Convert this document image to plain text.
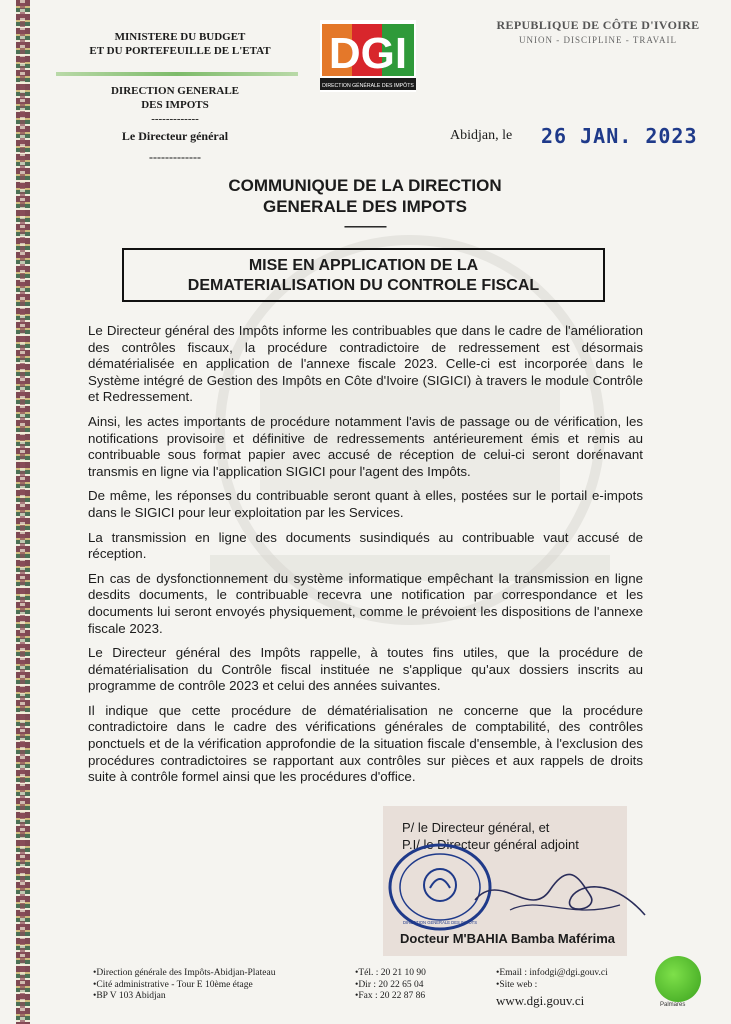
MINISTERE DU BUDGET
ET DU PORTEFEUILLE DE L'ETAT
DIRECTION GENERALE
DES IMPOTS
-------------
Le Directeur général
-------------
DGI
DIRECTION GÉNÉRALE DES IMPÔTS
REPUBLIQUE DE CÔTE D'IVOIRE
UNION - DISCIPLINE - TRAVAIL
Abidjan, le 26 JAN. 2023
COMMUNIQUE DE LA DIRECTION
GENERALE DES IMPOTS
--------------
MISE EN APPLICATION DE LA
DEMATERIALISATION DU CONTROLE FISCAL

Le Directeur général des Impôts informe les contribuables que dans le cadre de l'amélioration des contrôles fiscaux, la procédure contradictoire de redressement est désormais dématérialisée en application de l'annexe fiscale 2023. Celle-ci est incorporée dans le Système intégré de Gestion des Impôts en Côte d'Ivoire (SIGICI) à travers le module Contrôle et Redressement.

Ainsi, les actes importants de procédure notamment l'avis de passage ou de vérification, les notifications provisoire et définitive de redressements antérieurement émis et remis au contribuable sous format papier avec accusé de réception de celui-ci seront dorénavant transmis en ligne via l'application SIGICI pour l'agent des Impôts.

De même, les réponses du contribuable seront quant à elles, postées sur le portail e-impots dans le SIGICI pour leur exploitation par les Services.

La transmission en ligne des documents susindiqués au contribuable vaut accusé de réception.

En cas de dysfonctionnement du système informatique empêchant la transmission en ligne desdits documents, le contribuable recevra une notification par correspondance et les documents lui seront envoyés physiquement, comme le prévoient les dispositions de l'annexe fiscale 2023.

Le Directeur général des Impôts rappelle, à toutes fins utiles, que la procédure de dématérialisation du Contrôle fiscal instituée ne s'applique qu'aux dossiers inscrits au programme de contrôle 2023 et celui des années suivantes.

Il indique que cette procédure de dématérialisation ne concerne que la procédure contradictoire dans le cadre des vérifications générales de comptabilité, des contrôles ponctuels et de la vérification approfondie de la situation fiscale d'ensemble, à l'exclusion des procédures contradictoires se rapportant aux contrôles sur pièces et aux rappels de droits suite à contrôle formel ainsi que les procédures d'office.

P/ le Directeur général, et
P.I/ le Directeur général adjoint
DIRECTION GENERALE DES IMPOTS
Docteur M'BAHIA Bamba Maférima
•Direction générale des Impôts-Abidjan-Plateau
•Cité administrative - Tour E 10ème étage
•BP V 103 Abidjan
•Tél. : 20 21 10 90
•Dir : 20 22 65 04
•Fax : 20 22 87 86
•Email : infodgi@dgi.gouv.ci
•Site web :
www.dgi.gouv.ci	Palmares
